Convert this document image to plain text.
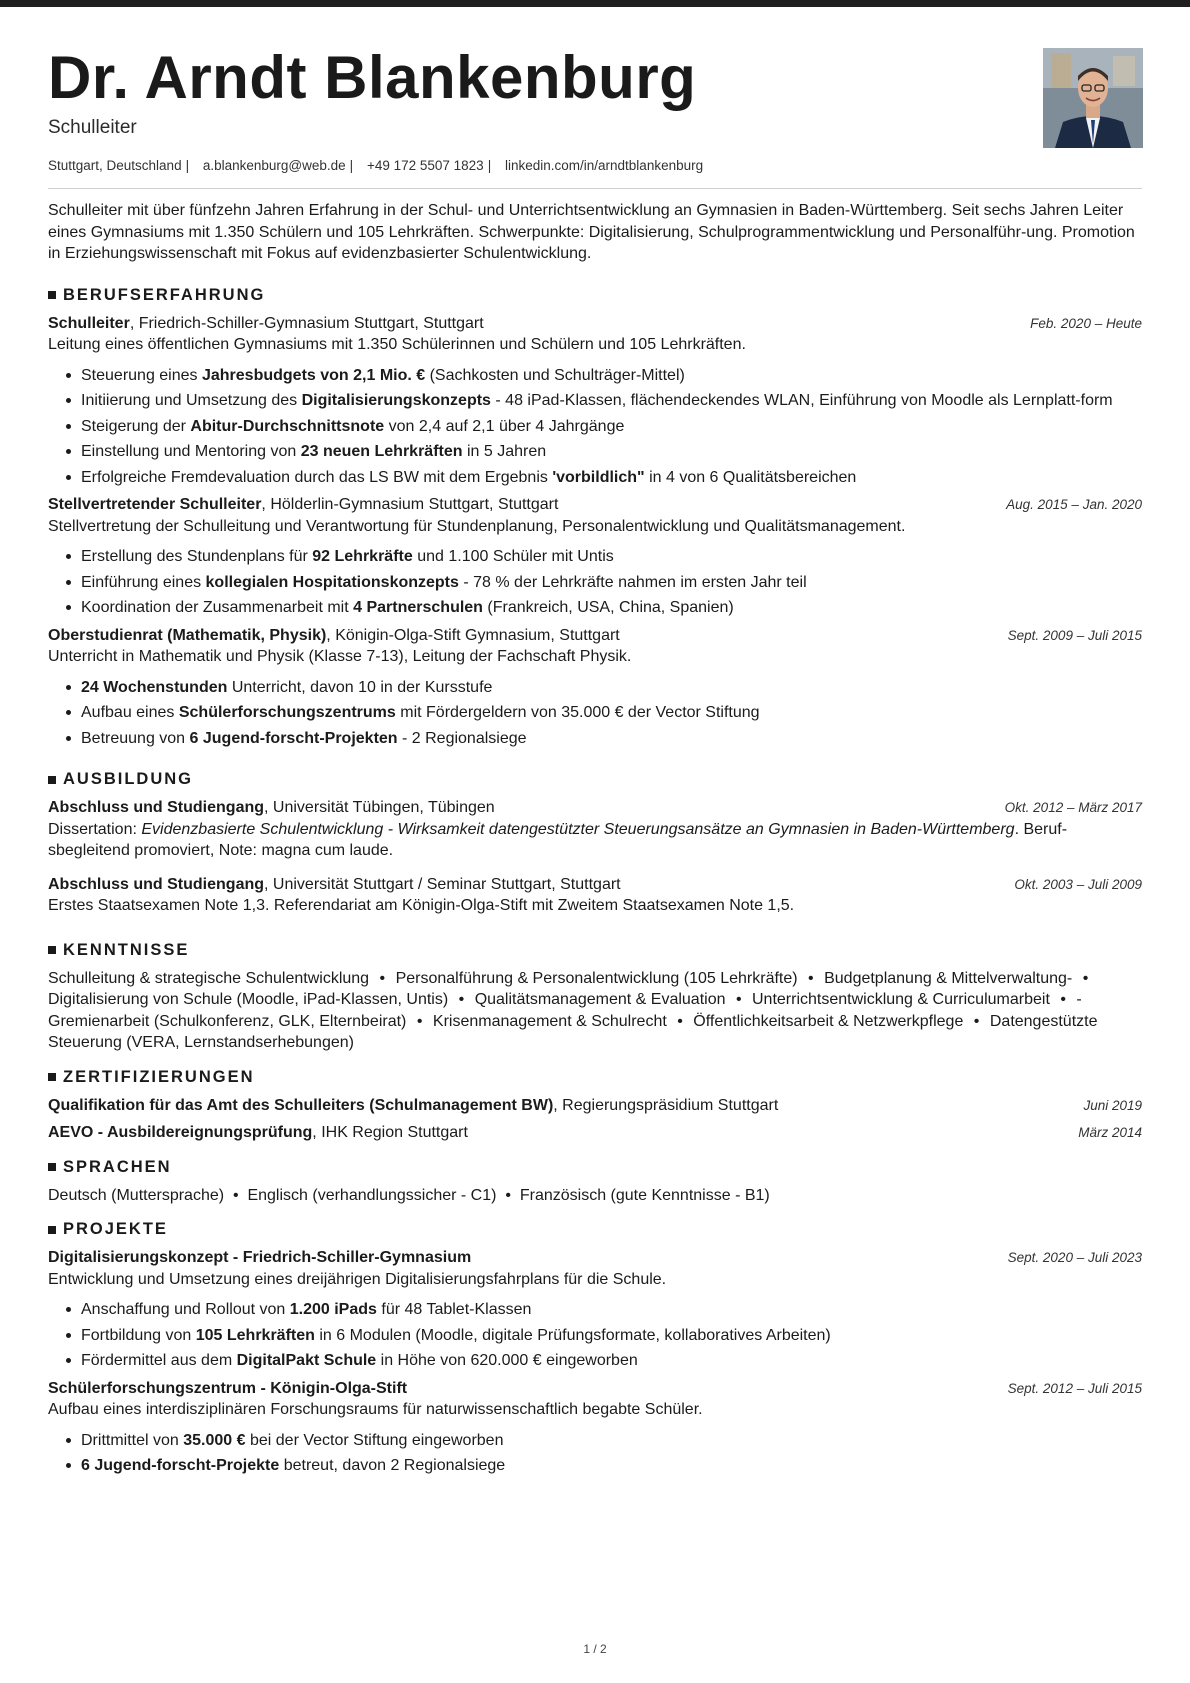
Dr. Arndt Blankenburg
Schulleiter
Stuttgart, Deutschland | a.blankenburg@web.de | +49 172 5507 1823 | linkedin.com/in/arndtblankenburg

Schulleiter mit über fünfzehn Jahren Erfahrung in der Schul- und Unterrichtsentwicklung an Gymnasien in Baden-Württemberg. Seit sechs Jahren Leiter eines Gymnasiums mit 1.350 Schülern und 105 Lehrkräften. Schwerpunkte: Digitalisierung, Schulprogrammentwicklung und Personalführ-ung. Promotion in Erziehungswissenschaft mit Fokus auf evidenzbasierter Schulentwicklung.

BERUFSERFAHRUNG

Schulleiter, Friedrich-Schiller-Gymnasium Stuttgart, Stuttgart	Feb. 2020 – Heute

Leitung eines öffentlichen Gymnasiums mit 1.350 Schülerinnen und Schülern und 105 Lehrkräften.

Steuerung eines Jahresbudgets von 2,1 Mio. € (Sachkosten und Schulträger-Mittel)
Initiierung und Umsetzung des Digitalisierungskonzepts - 48 iPad-Klassen, flächendeckendes WLAN, Einführung von Moodle als Lernplatt-form
Steigerung der Abitur-Durchschnittsnote von 2,4 auf 2,1 über 4 Jahrgänge
Einstellung und Mentoring von 23 neuen Lehrkräften in 5 Jahren
Erfolgreiche Fremdevaluation durch das LS BW mit dem Ergebnis 'vorbildlich" in 4 von 6 Qualitätsbereichen

Stellvertretender Schulleiter, Hölderlin-Gymnasium Stuttgart, Stuttgart	Aug. 2015 – Jan. 2020

Stellvertretung der Schulleitung und Verantwortung für Stundenplanung, Personalentwicklung und Qualitätsmanagement.

Erstellung des Stundenplans für 92 Lehrkräfte und 1.100 Schüler mit Untis
Einführung eines kollegialen Hospitationskonzepts - 78 % der Lehrkräfte nahmen im ersten Jahr teil
Koordination der Zusammenarbeit mit 4 Partnerschulen (Frankreich, USA, China, Spanien)

Oberstudienrat (Mathematik, Physik), Königin-Olga-Stift Gymnasium, Stuttgart	Sept. 2009 – Juli 2015

Unterricht in Mathematik und Physik (Klasse 7-13), Leitung der Fachschaft Physik.

24 Wochenstunden Unterricht, davon 10 in der Kursstufe
Aufbau eines Schülerforschungszentrums mit Fördergeldern von 35.000 € der Vector Stiftung
Betreuung von 6 Jugend-forscht-Projekten - 2 Regionalsiege
AUSBILDUNG

Abschluss und Studiengang, Universität Tübingen, Tübingen	Okt. 2012 – März 2017

Dissertation: Evidenzbasierte Schulentwicklung - Wirksamkeit datengestützter Steuerungsansätze an Gymnasien in Baden-Württemberg. Beruf-sbegleitend promoviert, Note: magna cum laude.

Abschluss und Studiengang, Universität Stuttgart / Seminar Stuttgart, Stuttgart	Okt. 2003 – Juli 2009

Erstes Staatsexamen Note 1,3. Referendariat am Königin-Olga-Stift mit Zweitem Staatsexamen Note 1,5.

KENNTNISSE

Schulleitung & strategische Schulentwicklung • Personalführung & Personalentwicklung (105 Lehrkräfte) • Budgetplanung & Mittelverwaltung- • Digitalisierung von Schule (Moodle, iPad-Klassen, Untis) • Qualitätsmanagement & Evaluation • Unterrichtsentwicklung & Curriculumarbeit • -Gremienarbeit (Schulkonferenz, GLK, Elternbeirat) • Krisenmanagement & Schulrecht • Öffentlichkeitsarbeit & Netzwerkpflege • Datengestützte Steuerung (VERA, Lernstandserhebungen)

ZERTIFIZIERUNGEN

Qualifikation für das Amt des Schulleiters (Schulmanagement BW), Regierungspräsidium Stuttgart	Juni 2019

AEVO - Ausbildereignungsprüfung, IHK Region Stuttgart	März 2014
SPRACHEN

Deutsch (Muttersprache)  •  Englisch (verhandlungssicher - C1)  •  Französisch (gute Kenntnisse - B1)

PROJEKTE

Digitalisierungskonzept - Friedrich-Schiller-Gymnasium	Sept. 2020 – Juli 2023

Entwicklung und Umsetzung eines dreijährigen Digitalisierungsfahrplans für die Schule.

Anschaffung und Rollout von 1.200 iPads für 48 Tablet-Klassen
Fortbildung von 105 Lehrkräften in 6 Modulen (Moodle, digitale Prüfungsformate, kollaboratives Arbeiten)
Fördermittel aus dem DigitalPakt Schule in Höhe von 620.000 € eingeworben

Schülerforschungszentrum - Königin-Olga-Stift	Sept. 2012 – Juli 2015

Aufbau eines interdisziplinären Forschungsraums für naturwissenschaftlich begabte Schüler.

Drittmittel von 35.000 € bei der Vector Stiftung eingeworben
6 Jugend-forscht-Projekte betreut, davon 2 Regionalsiege
1 / 2
